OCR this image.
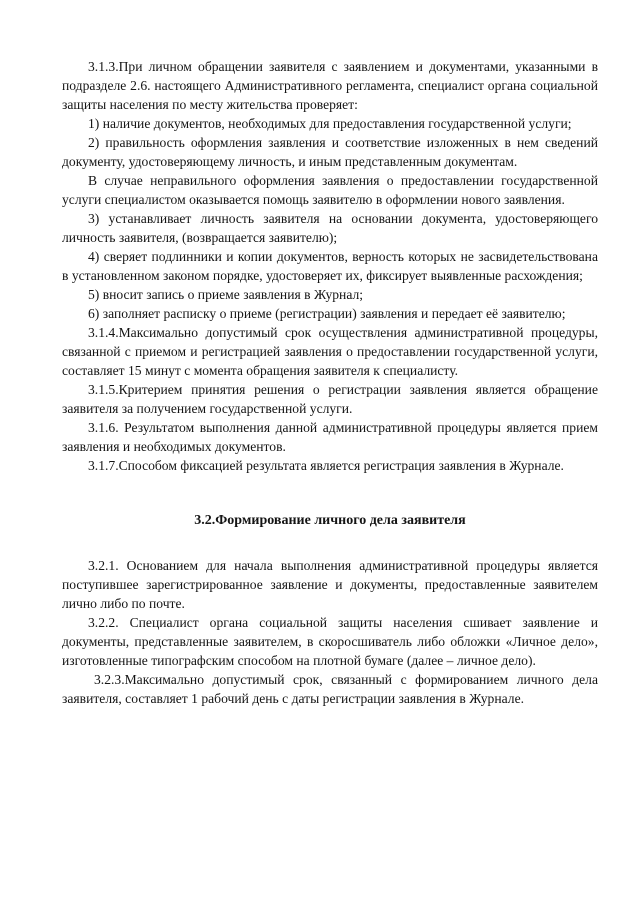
3.1.3.При личном обращении заявителя с заявлением и документами, указанными в подразделе 2.6. настоящего Административного регламента, специалист органа социальной защиты населения по месту жительства проверяет:

1) наличие документов, необходимых для предоставления государственной услуги;

2) правильность оформления заявления и соответствие изложенных в нем сведений документу, удостоверяющему личность, и иным представленным документам.

В случае неправильного оформления заявления о предоставлении государственной услуги специалистом оказывается помощь заявителю в оформлении нового заявления.

3) устанавливает личность заявителя на основании документа, удостоверяющего личность заявителя, (возвращается заявителю);

4) сверяет подлинники и копии документов, верность которых не засвидетельствована в установленном законом порядке, удостоверяет их, фиксирует выявленные расхождения;

5) вносит запись о приеме заявления в Журнал;

6) заполняет расписку о приеме (регистрации) заявления и передает её заявителю;

3.1.4.Максимально допустимый срок осуществления административной процедуры, связанной с приемом и регистрацией заявления о предоставлении государственной услуги, составляет 15 минут с момента обращения заявителя к специалисту.

3.1.5.Критерием принятия решения о регистрации заявления является обращение заявителя за получением государственной услуги.

3.1.6. Результатом выполнения данной административной процедуры является прием заявления и необходимых документов.

3.1.7.Способом фиксацией результата является регистрация заявления в Журнале.

3.2.Формирование личного дела заявителя

3.2.1. Основанием для начала выполнения административной процедуры является поступившее зарегистрированное заявление и документы, предоставленные заявителем лично либо по почте.

3.2.2. Специалист органа социальной защиты населения сшивает заявление и документы, представленные заявителем, в скоросшиватель либо обложки «Личное дело», изготовленные типографским способом на плотной бумаге (далее – личное дело).

3.2.3.Максимально допустимый срок, связанный с формированием личного дела заявителя, составляет 1 рабочий день с даты регистрации заявления в Журнале.
